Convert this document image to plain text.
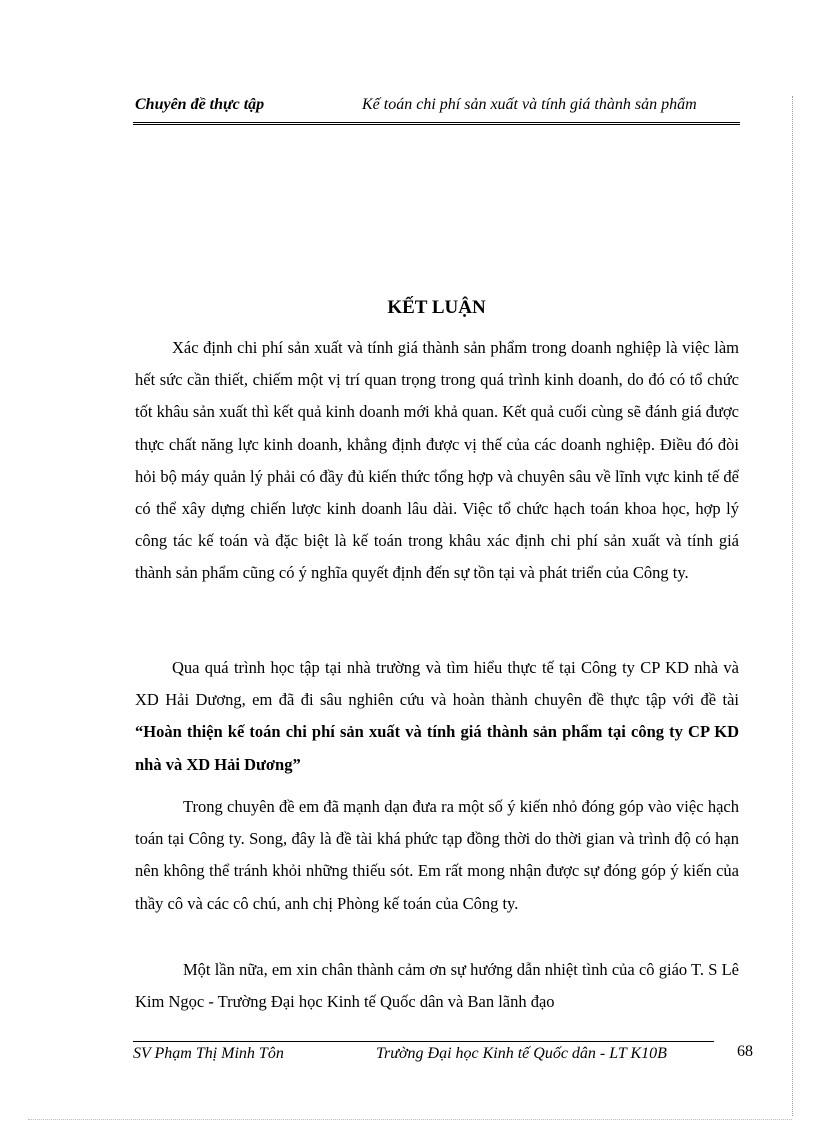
Chuyên đề thực tập	Kế toán chi phí sản xuất và tính giá thành sản phẩm
KẾT LUẬN

Xác định chi phí sản xuất và tính giá thành sản phẩm trong doanh nghiệp là việc làm hết sức cần thiết, chiếm một vị trí quan trọng trong quá trình kinh doanh, do đó có tổ chức tốt khâu sản xuất thì kết quả kinh doanh mới khả quan. Kết quả cuối cùng sẽ đánh giá được thực chất năng lực kinh doanh, khẳng định được vị thế của các doanh nghiệp. Điều đó đòi hỏi bộ máy quản lý phải có đầy đủ kiến thức tổng hợp và chuyên sâu về lĩnh vực kinh tế để có thể xây dựng chiến lược kinh doanh lâu dài. Việc tổ chức hạch toán khoa học, hợp lý công tác kế toán và đặc biệt là kế toán trong khâu xác định chi phí sản xuất và tính giá thành sản phẩm cũng có ý nghĩa quyết định đến sự tồn tại và phát triển của Công ty.

Qua quá trình học tập tại nhà trường và tìm hiểu thực tế tại Công ty CP KD nhà và XD Hải Dương, em đã đi sâu nghiên cứu và hoàn thành chuyên đề thực tập với đề tài “Hoàn thiện kế toán chi phí sản xuất và tính giá thành sản phẩm tại công ty CP KD nhà và XD Hải Dương”

Trong chuyên đề em đã mạnh dạn đưa ra một số ý kiến nhỏ đóng góp vào việc hạch toán tại Công ty. Song, đây là đề tài khá phức tạp đồng thời do thời gian và trình độ có hạn nên không thể tránh khỏi những thiếu sót. Em rất mong nhận được sự đóng góp ý kiến của thầy cô và các cô chú, anh chị Phòng kế toán của Công ty.

Một lần nữa, em xin chân thành cảm ơn sự hướng dẫn nhiệt tình của cô giáo T. S Lê Kim Ngọc - Trường Đại học Kinh tế Quốc dân và Ban lãnh đạo

SV Phạm Thị Minh Tôn	Trường Đại học Kinh tế Quốc dân - LT K10B	68
